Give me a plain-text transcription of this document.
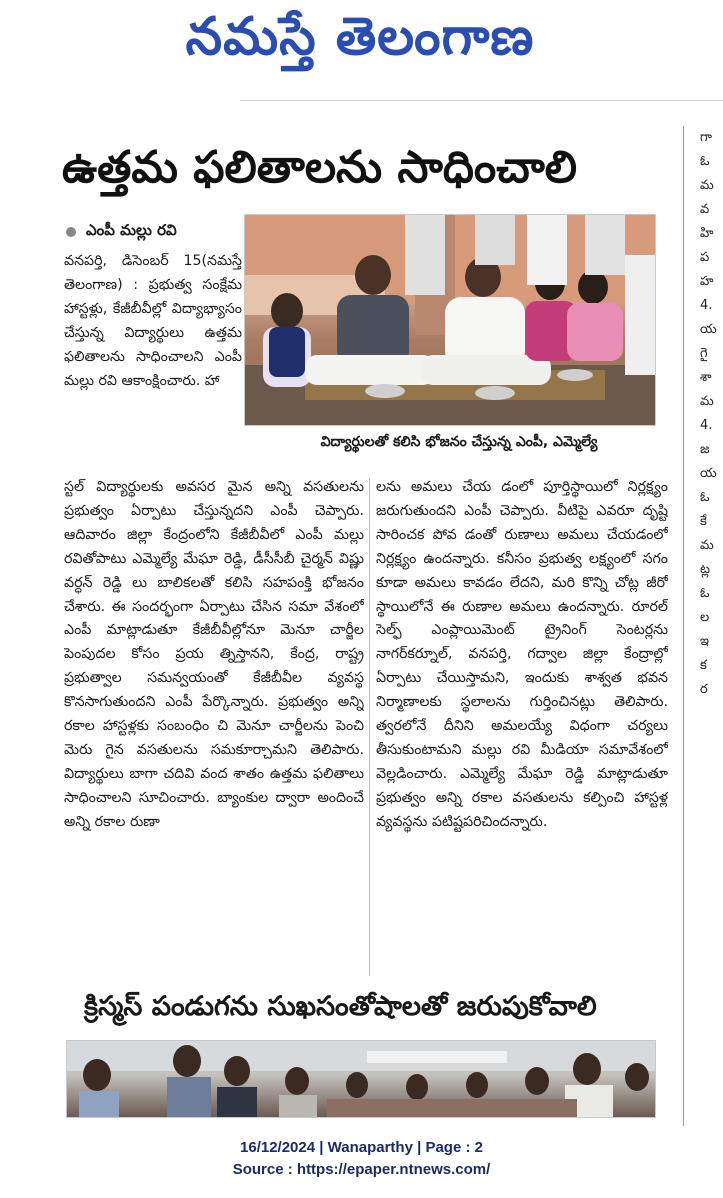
నమస్తే తెలంగాణ
ఉత్తమ ఫలితాలను సాధించాలి
ఎంపీ మల్లు రవి

వనపర్తి, డిసెంబర్ 15(నమస్తే తెలంగాణ) : ప్రభుత్వ సంక్షేమ హాస్టళ్లు, కేజీబీవీల్లో విద్యాభ్యాసం చేస్తున్న విద్యార్థులు ఉత్తమ ఫలితాలను సాధించాలని ఎంపీ మల్లు రవి ఆకాంక్షించారు. హా

విద్యార్థులతో కలిసి భోజనం చేస్తున్న ఎంపీ, ఎమ్మెల్యే

స్టల్ విద్యార్థులకు అవసర మైన అన్ని వసతులను ప్రభుత్వం ఏర్పాటు చేస్తున్నదని ఎంపీ చెప్పారు. ఆదివారం జిల్లా కేంద్రంలోని కేజీబీవీలో ఎంపీ మల్లు రవితోపాటు ఎమ్మెల్యే మేఘా రెడ్డి, డీసీసీబీ చైర్మన్ విష్ణు వర్ధన్ రెడ్డి లు బాలికలతో కలిసి సహపంక్తి భోజనం చేశారు. ఈ సందర్భంగా ఏర్పాటు చేసిన సమా వేశంలో ఎంపీ మాట్లాడుతూ కేజీబీవీల్లోనూ మెనూ చార్జీల పెంపుదల కోసం ప్రయ త్నిస్తానని, కేంద్ర, రాష్ట్ర ప్రభుత్వాల సమన్వయంతో కేజీబీవీల వ్యవస్థ కొనసాగుతుందని ఎంపీ పేర్కొన్నారు. ప్రభుత్వం అన్ని రకాల హాస్టళ్లకు సంబంధిం చి మెనూ చార్జీలను పెంచి మెరు గైన వసతులను సమకూర్చామని తెలిపారు. విద్యార్థులు బాగా చదివి వంద శాతం ఉత్తమ ఫలితాలు సాధించాలని సూచించారు. బ్యాంకుల ద్వారా అందించే అన్ని రకాల రుణా

లను అమలు చేయ డంలో పూర్తిస్థాయిలో నిర్లక్ష్యం జరుగుతుందని ఎంపీ చెప్పారు. వీటిపై ఎవరూ దృష్టి సారించక పోవ డంతో రుణాలు అమలు చేయడంలో నిర్లక్ష్యం ఉందన్నారు. కనీసం ప్రభుత్వ లక్ష్యంలో సగం కూడా అమలు కావడం లేదని, మరి కొన్ని చోట్ల జీరో స్థాయిలోనే ఈ రుణాల అమలు ఉందన్నారు. రూరల్ సెల్ఫ్ ఎంప్లాయిమెంట్ ట్రైనింగ్ సెంటర్లను నాగర్‌కర్నూల్, వనపర్తి, గద్వాల జిల్లా కేంద్రాల్లో ఏర్పాటు చేయిస్తామని, ఇందుకు శాశ్వత భవన నిర్మాణాలకు స్థలాలను గుర్తించినట్లు తెలిపారు. త్వరలోనే దీనిని అమలయ్యే విధంగా చర్యలు తీసుకుంటామని మల్లు రవి మీడియా సమావేశంలో వెల్లడించారు. ఎమ్మెల్యే మేఘా రెడ్డి మాట్లాడుతూ ప్రభుత్వం అన్ని రకాల వసతులను కల్పించి హాస్టళ్ల వ్యవస్థను పటిష్టపరిచిందన్నారు.

క్రిస్మస్ పండుగను సుఖసంతోషాలతో జరుపుకోవాలి
గా
ఓ
మ
వ
హి
ప
హ
4.
య
గై
శా
మ
4.
జ
య
ఓ
కే
మ
ట్ల
ఓ
ల
ఇ
క
ర
16/12/2024 | Wanaparthy | Page : 2
Source : https://epaper.ntnews.com/
